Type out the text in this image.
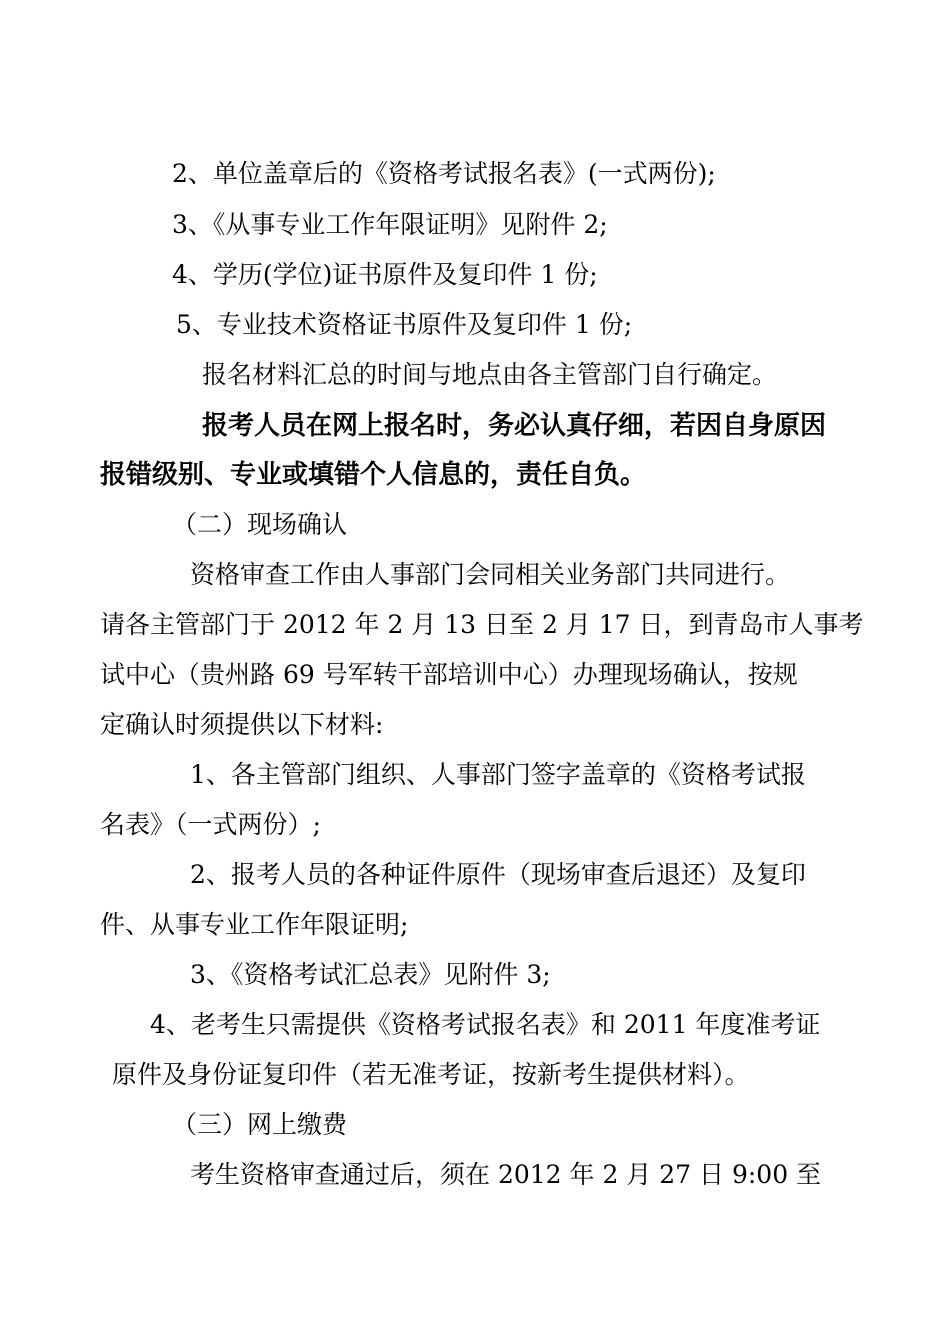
2、单位盖章后的《资格考试报名表》(一式两份);
3、《从事专业工作年限证明》见附件 2;
4、学历(学位)证书原件及复印件 1 份;
5、专业技术资格证书原件及复印件 1 份;
报名材料汇总的时间与地点由各主管部门自行确定。
报考人员在网上报名时，务必认真仔细，若因自身原因
报错级别、专业或填错个人信息的，责任自负。
（二）现场确认
资格审查工作由人事部门会同相关业务部门共同进行。
请各主管部门于 2012 年 2 月 13 日至 2 月 17 日，到青岛市人事考
试中心（贵州路 69 号军转干部培训中心）办理现场确认，按规
定确认时须提供以下材料:
1、各主管部门组织、人事部门签字盖章的《资格考试报
名表》（一式两份）;
2、报考人员的各种证件原件（现场审查后退还）及复印
件、从事专业工作年限证明;
3、《资格考试汇总表》见附件 3;
4、老考生只需提供《资格考试报名表》和 2011 年度准考证
原件及身份证复印件（若无准考证，按新考生提供材料）。
（三）网上缴费
考生资格审查通过后，须在 2012 年 2 月 27 日 9:00 至
